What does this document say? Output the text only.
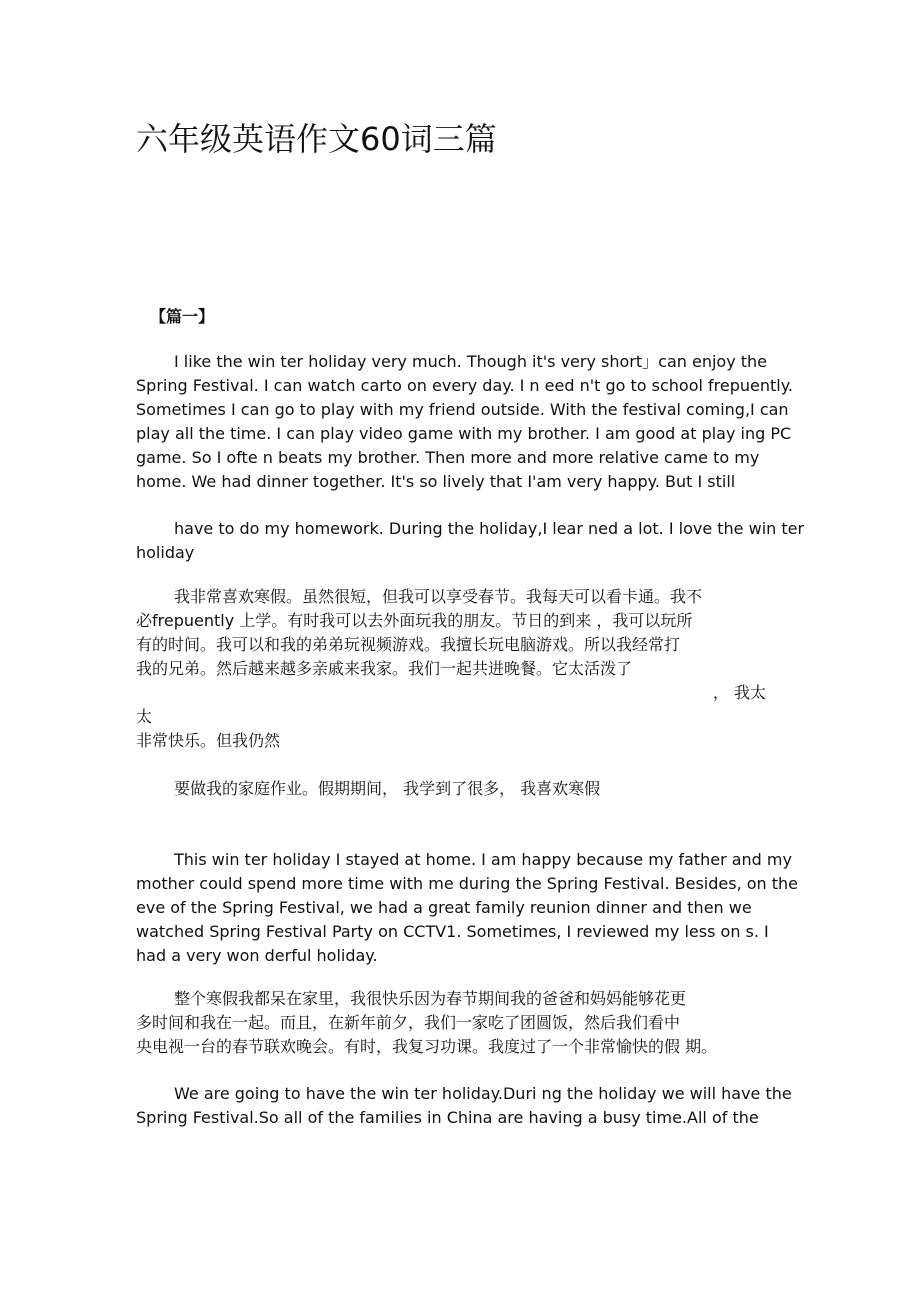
六年级英语作文60词三篇
【篇一】
I like the win ter holiday very much. Though it's very short」can enjoy the
Spring Festival. I can watch carto on every day. I n eed n't go to school frepuently.
Sometimes I can go to play with my friend outside. With the festival coming,I can
play all the time. I can play video game with my brother. I am good at play ing PC
game. So I ofte n beats my brother. Then more and more relative came to my
home. We had dinner together. It's so lively that I'am very happy. But I still
have to do my homework. During the holiday,I lear ned a lot. I love the win ter
holiday
我非常喜欢寒假。虽然很短，但我可以享受春节。我每天可以看卡通。我不
必frepuently 上学。有时我可以去外面玩我的朋友。节日的到来 ，我可以玩所
有的时间。我可以和我的弟弟玩视频游戏。我擅长玩电脑游戏。所以我经常打
我的兄弟。然后越来越多亲戚来我家。我们一起共进晚餐。它太活泼了
， 我太
太
非常快乐。但我仍然
要做我的家庭作业。假期期间， 我学到了很多， 我喜欢寒假
This win ter holiday I stayed at home. I am happy because my father and my
mother could spend more time with me during the Spring Festival. Besides, on the
eve of the Spring Festival, we had a great family reunion dinner and then we
watched Spring Festival Party on CCTV1. Sometimes, I reviewed my less on s. I
had a very won derful holiday.
整个寒假我都呆在家里，我很快乐因为春节期间我的爸爸和妈妈能够花更
多时间和我在一起。而且，在新年前夕，我们一家吃了团圆饭，然后我们看中
央电视一台的春节联欢晚会。有时，我复习功课。我度过了一个非常愉快的假 期。
We are going to have the win ter holiday.Duri ng the holiday we will have the
Spring Festival.So all of the families in China are having a busy time.All of the
